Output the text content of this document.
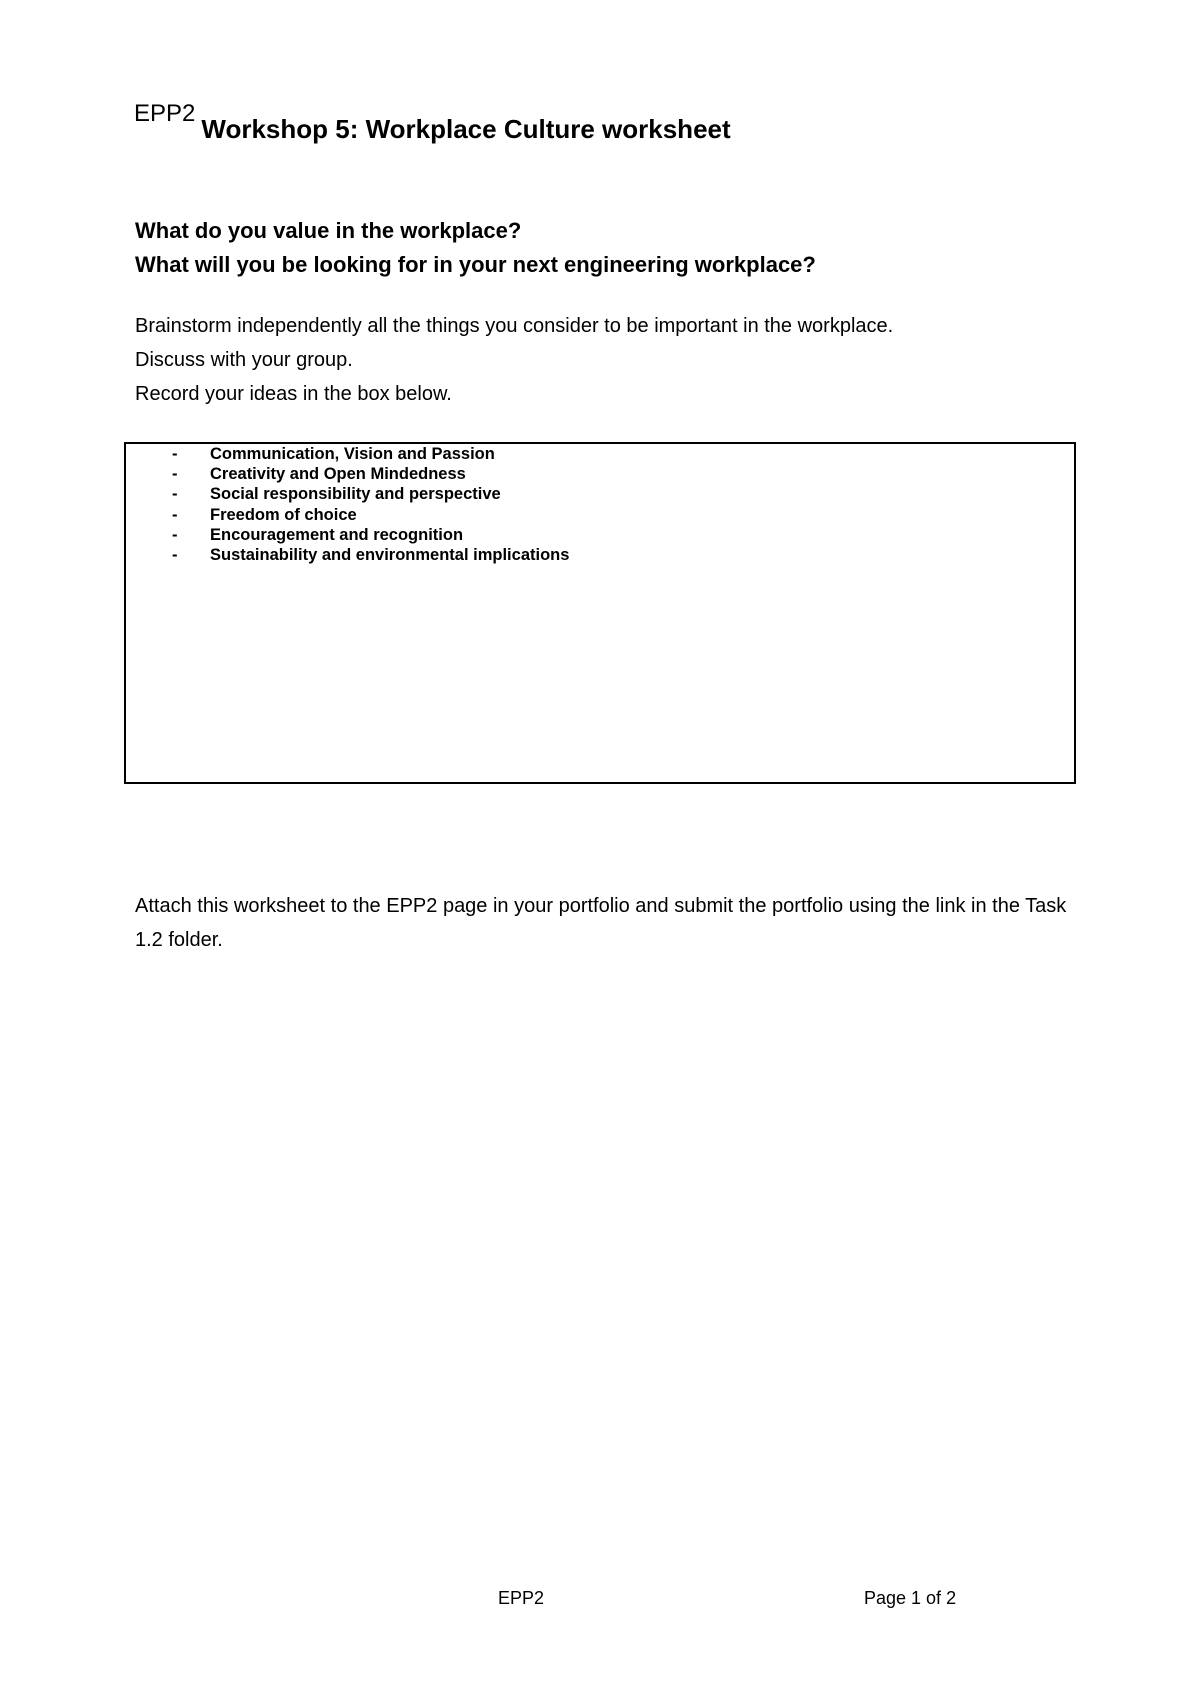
EPP2Workshop 5: Workplace Culture worksheet
What do you value in the workplace?
What will you be looking for in your next engineering workplace?
Brainstorm independently all the things you consider to be important in the workplace.
Discuss with your group.
Record your ideas in the box below.
-	Communication, Vision and Passion
-	Creativity and Open Mindedness
-	Social responsibility and perspective
-	Freedom of choice
-	Encouragement and recognition
-	Sustainability and environmental implications
Attach this worksheet to the EPP2 page in your portfolio and submit the portfolio using the link in the Task 1.2 folder.
EPP2	Page 1 of 2
